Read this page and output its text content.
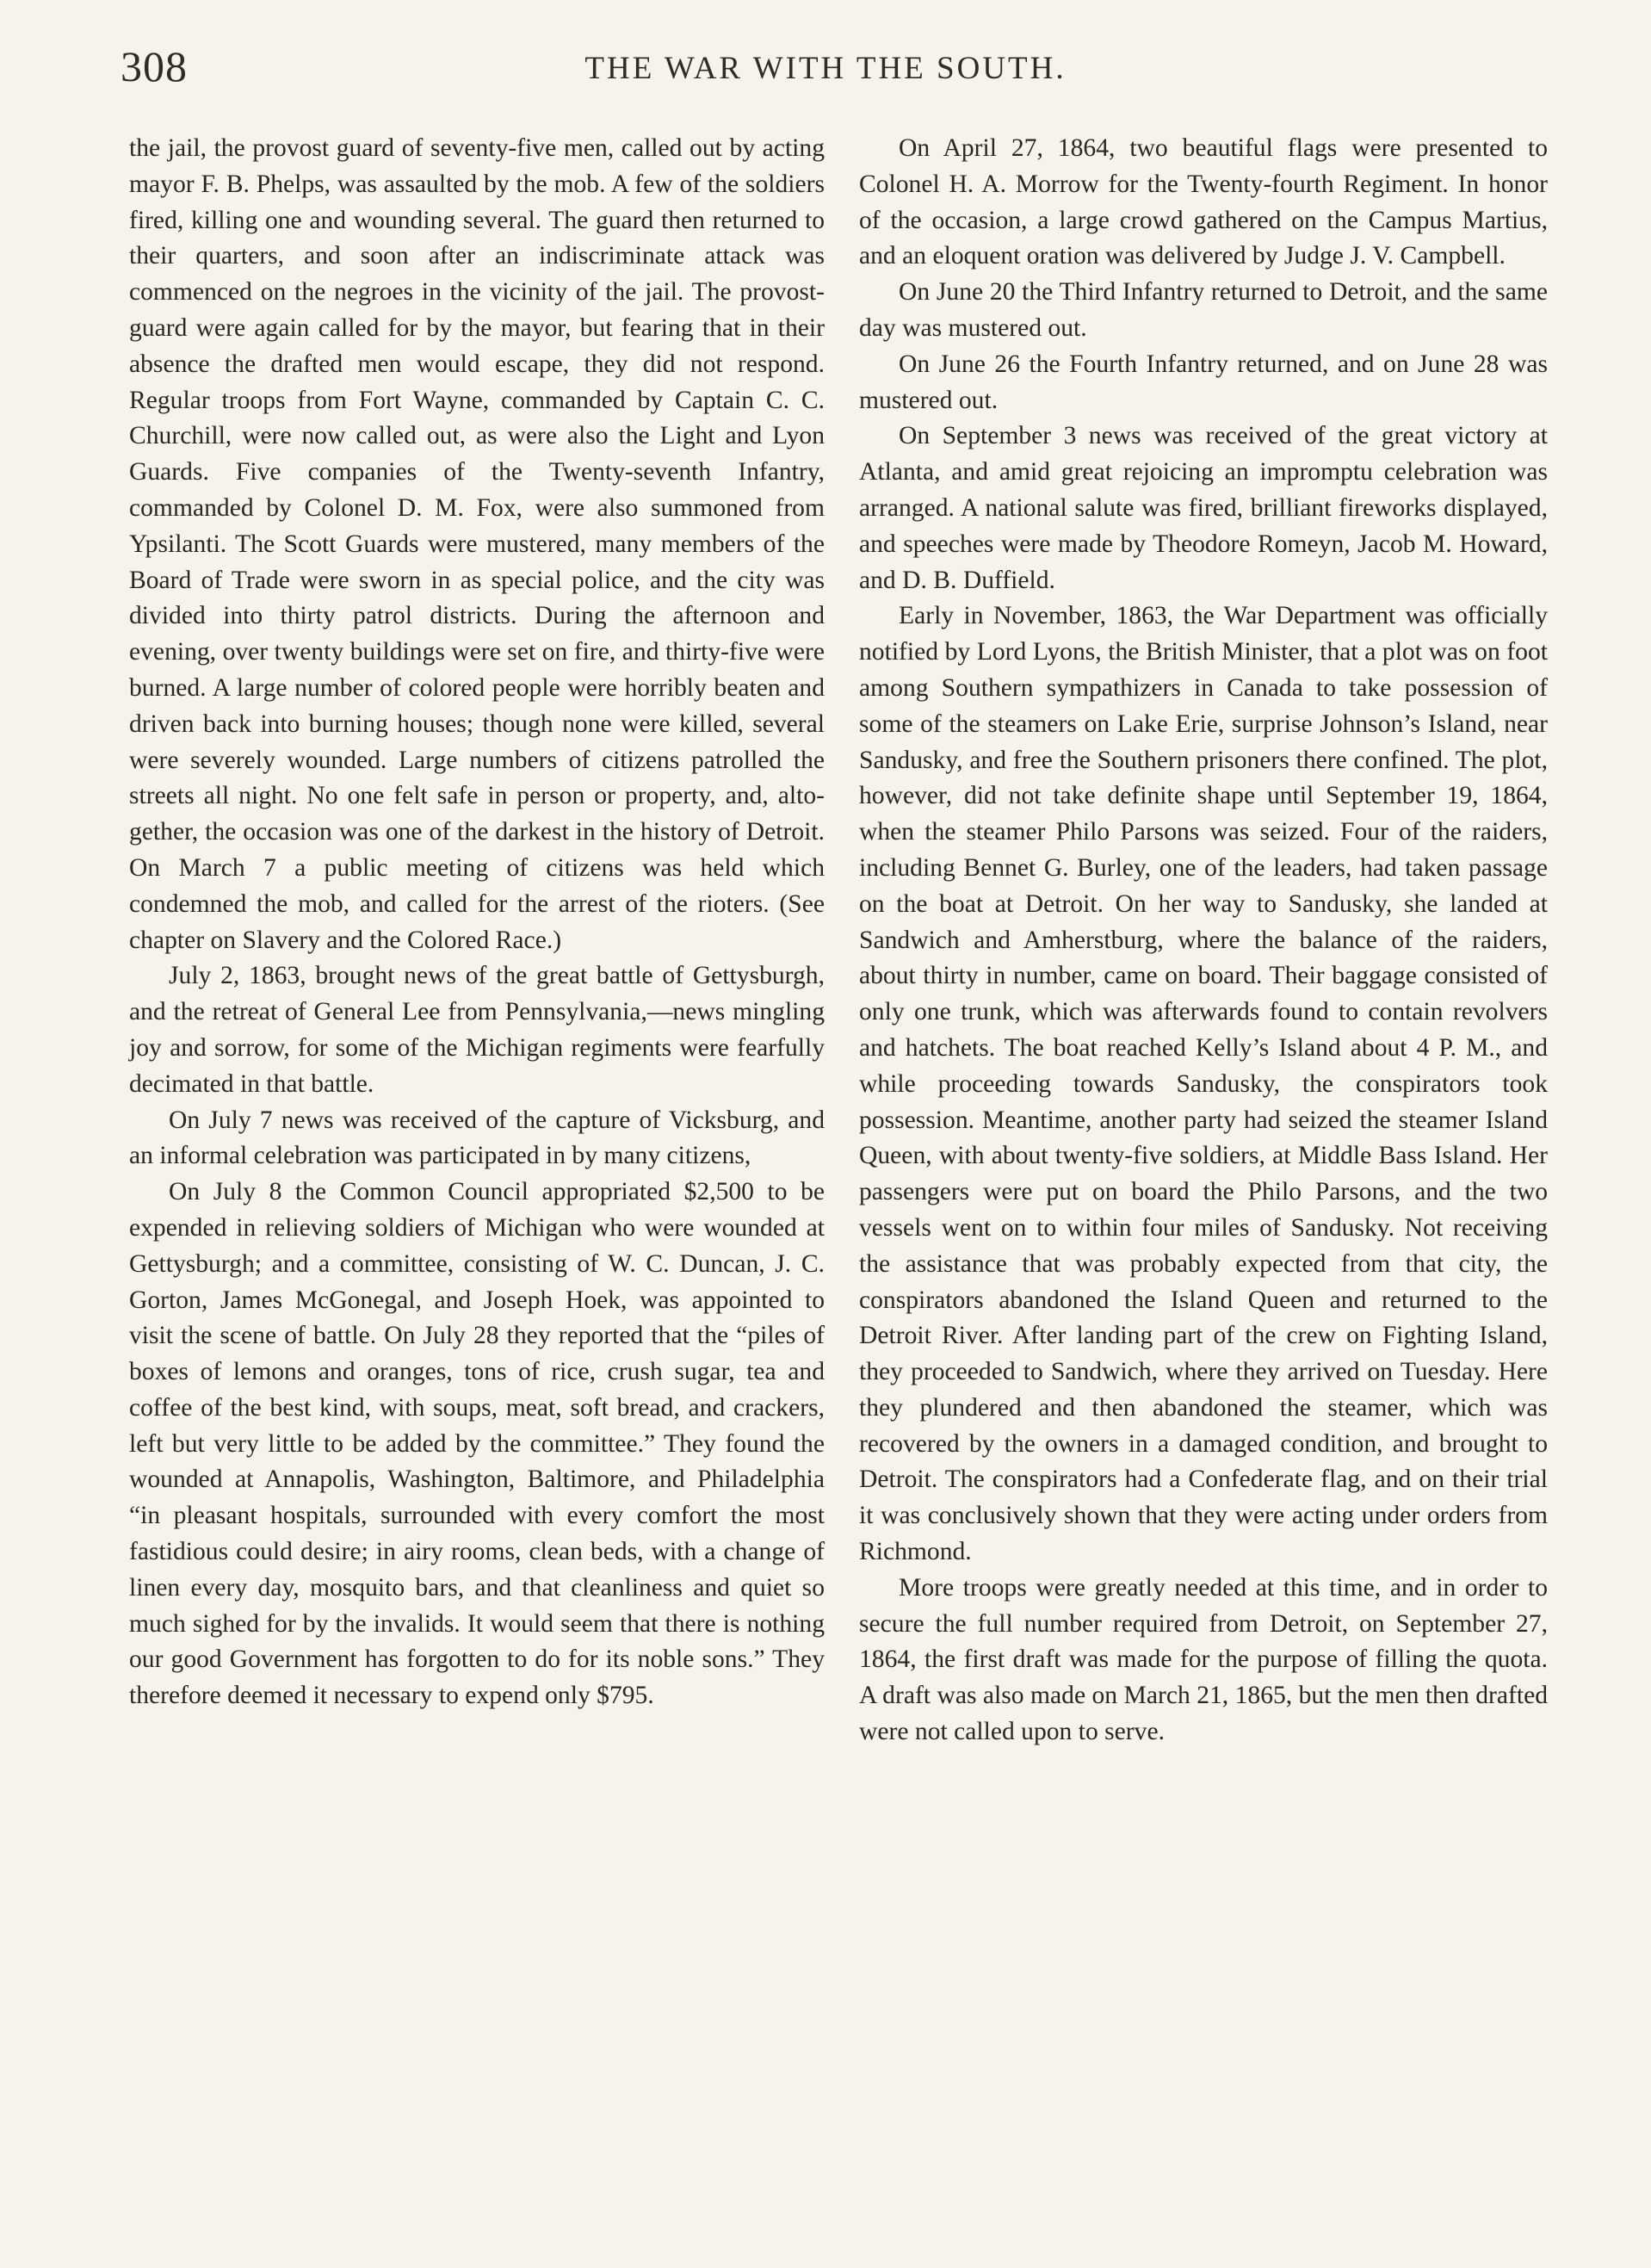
308	THE WAR WITH THE SOUTH.

the jail, the provost guard of seventy-five men, called out by acting mayor F. B. Phelps, was assaulted by the mob. A few of the soldiers fired, killing one and wounding several. The guard then returned to their quarters, and soon after an indiscriminate attack was commenced on the negroes in the vicinity of the jail. The provost-guard were again called for by the mayor, but fearing that in their absence the drafted men would escape, they did not respond. Regular troops from Fort Wayne, commanded by Captain C. C. Churchill, were now called out, as were also the Light and Lyon Guards. Five companies of the Twenty-seventh Infantry, commanded by Colonel D. M. Fox, were also summoned from Ypsilanti. The Scott Guards were mustered, many members of the Board of Trade were sworn in as special police, and the city was divided into thirty patrol districts. During the afternoon and evening, over twenty buildings were set on fire, and thirty-five were burned. A large number of colored people were horribly beaten and driven back into burning houses; though none were killed, several were severely wounded. Large numbers of citizens patrolled the streets all night. No one felt safe in person or property, and, altogether, the occasion was one of the darkest in the history of Detroit. On March 7 a public meeting of citizens was held which condemned the mob, and called for the arrest of the rioters. (See chapter on Slavery and the Colored Race.)

July 2, 1863, brought news of the great battle of Gettysburgh, and the retreat of General Lee from Pennsylvania,—news mingling joy and sorrow, for some of the Michigan regiments were fearfully decimated in that battle.

On July 7 news was received of the capture of Vicksburg, and an informal celebration was participated in by many citizens,

On July 8 the Common Council appropriated $2,500 to be expended in relieving soldiers of Michigan who were wounded at Gettysburgh; and a committee, consisting of W. C. Duncan, J. C. Gorton, James McGonegal, and Joseph Hoek, was appointed to visit the scene of battle. On July 28 they reported that the “piles of boxes of lemons and oranges, tons of rice, crush sugar, tea and coffee of the best kind, with soups, meat, soft bread, and crackers, left but very little to be added by the committee.” They found the wounded at Annapolis, Washington, Baltimore, and Philadelphia “in pleasant hospitals, surrounded with every comfort the most fastidious could desire; in airy rooms, clean beds, with a change of linen every day, mosquito bars, and that cleanliness and quiet so much sighed for by the invalids. It would seem that there is nothing our good Government has forgotten to do for its noble sons.” They therefore deemed it necessary to expend only $795.

On April 27, 1864, two beautiful flags were presented to Colonel H. A. Morrow for the Twenty-fourth Regiment. In honor of the occasion, a large crowd gathered on the Campus Martius, and an eloquent oration was delivered by Judge J. V. Campbell.

On June 20 the Third Infantry returned to Detroit, and the same day was mustered out.

On June 26 the Fourth Infantry returned, and on June 28 was mustered out.

On September 3 news was received of the great victory at Atlanta, and amid great rejoicing an impromptu celebration was arranged. A national salute was fired, brilliant fireworks displayed, and speeches were made by Theodore Romeyn, Jacob M. Howard, and D. B. Duffield.

Early in November, 1863, the War Department was officially notified by Lord Lyons, the British Minister, that a plot was on foot among Southern sympathizers in Canada to take possession of some of the steamers on Lake Erie, surprise Johnson’s Island, near Sandusky, and free the Southern prisoners there confined. The plot, however, did not take definite shape until September 19, 1864, when the steamer Philo Parsons was seized. Four of the raiders, including Bennet G. Burley, one of the leaders, had taken passage on the boat at Detroit. On her way to Sandusky, she landed at Sandwich and Amherstburg, where the balance of the raiders, about thirty in number, came on board. Their baggage consisted of only one trunk, which was afterwards found to contain revolvers and hatchets. The boat reached Kelly’s Island about 4 P. M., and while proceeding towards Sandusky, the conspirators took possession. Meantime, another party had seized the steamer Island Queen, with about twenty-five soldiers, at Middle Bass Island. Her passengers were put on board the Philo Parsons, and the two vessels went on to within four miles of Sandusky. Not receiving the assistance that was probably expected from that city, the conspirators abandoned the Island Queen and returned to the Detroit River. After landing part of the crew on Fighting Island, they proceeded to Sandwich, where they arrived on Tuesday. Here they plundered and then abandoned the steamer, which was recovered by the owners in a damaged condition, and brought to Detroit. The conspirators had a Confederate flag, and on their trial it was conclusively shown that they were acting under orders from Richmond.

More troops were greatly needed at this time, and in order to secure the full number required from Detroit, on September 27, 1864, the first draft was made for the purpose of filling the quota. A draft was also made on March 21, 1865, but the men then drafted were not called upon to serve.
